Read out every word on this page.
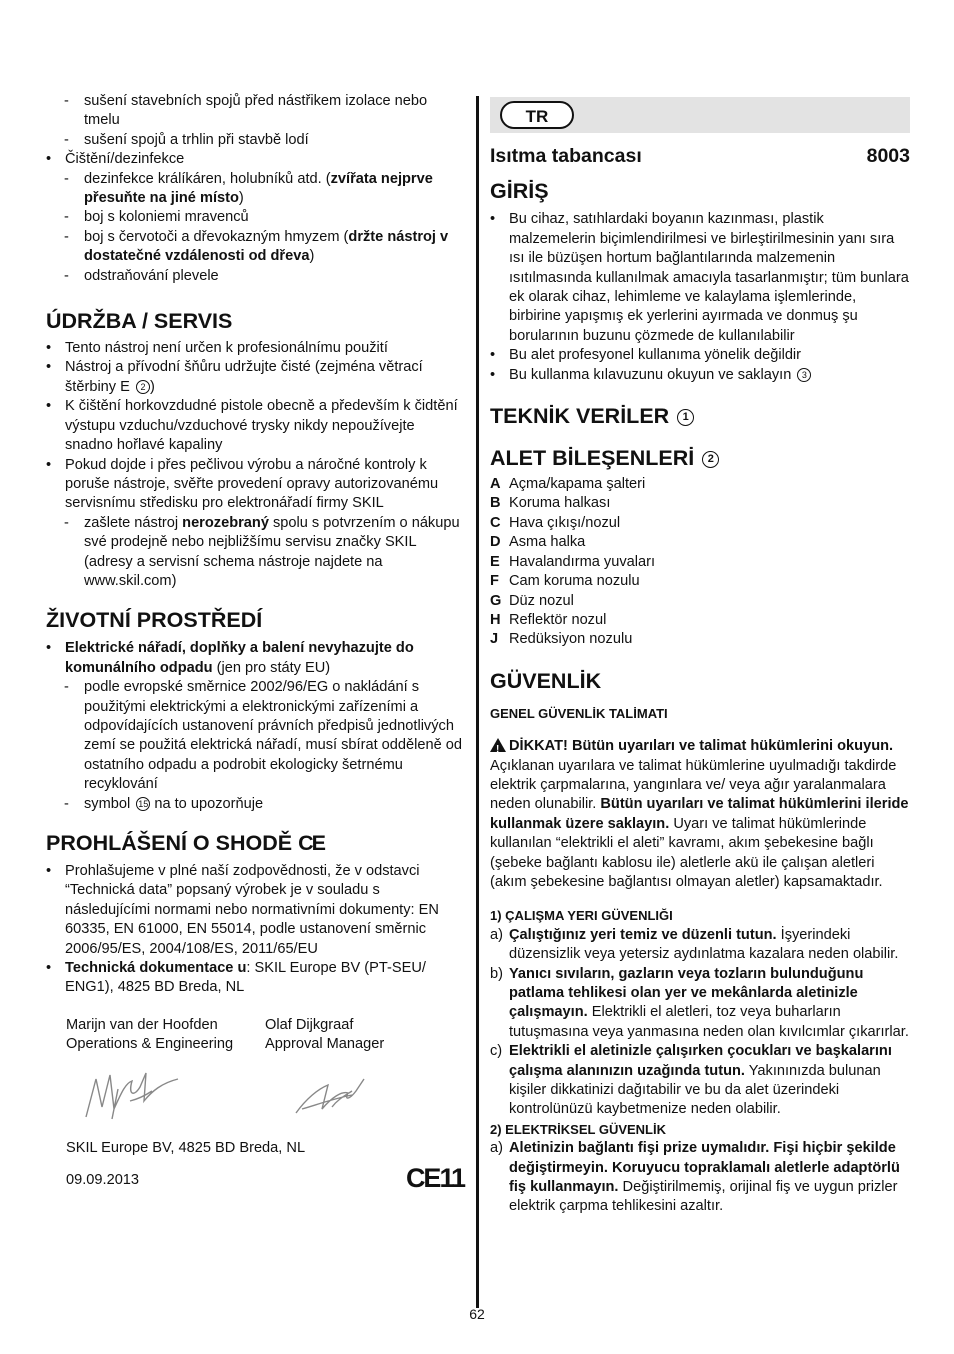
- sušení stavebních spojů před nástřikem izolace nebo tmelu

- sušení spojů a trhlin při stavbě lodí

• Čištění/dezinfekce

- dezinfekce králíkáren, holubníků atd. (zvířata nejprve přesuňte na jiné místo)

- boj s koloniemi mravenců

- boj s červotoči a dřevokazným hmyzem (držte nástroj v dostatečné vzdálenosti od dřeva)

- odstraňování plevele

ÚDRŽBA / SERVIS

• Tento nástroj není určen k profesionálnímu použití

• Nástroj a přívodní šňůru udržujte čisté (zejména větrací štěrbiny E 2 )

• K čištění horkovzdudné pistole obecně a především k čidtění výstupu vzduchu/vzduchové trysky nikdy nepoužívejte snadno hořlavé kapaliny

• Pokud dojde i přes pečlivou výrobu a náročné kontroly k poruše nástroje, svěřte provedení opravy autorizovanému servisnímu středisku pro elektronářadí firmy SKIL

- zašlete nástroj nerozebraný spolu s potvrzením o nákupu své prodejně nebo nejbližšímu servisu značky SKIL (adresy a servisní schema nástroje najdete na www.skil.com)

ŽIVOTNÍ PROSTŘEDÍ

• Elektrické nářadí, doplňky a balení nevyhazujte do komunálního odpadu (jen pro státy EU)

- podle evropské směrnice 2002/96/EG o nakládání s použitými elektrickými a elektronickými zařízeními a odpovídajících ustanovení právních předpisů jednotlivých zemí se použitá elektrická nářadí, musí sbírat odděleně od ostatního odpadu a podrobit ekologicky šetrnému recyklování

- symbol 15 na to upozorňuje

PROHLÁŠENÍ O SHODĚ CE

• Prohlašujeme v plné naší zodpovědnosti, že v odstavci “Technická data” popsaný výrobek je v souladu s následujícími normami nebo normativními dokumenty: EN 60335, EN 61000, EN 55014, podle ustanovení směrnic 2006/95/ES, 2004/108/ES, 2011/65/EU

• Technická dokumentace u: SKIL Europe BV (PT-SEU/ ENG1), 4825 BD Breda, NL

Marijn van der Hoofden

Operations & Engineering

Olaf Dijkgraaf

Approval Manager

SKIL Europe BV, 4825 BD Breda, NL

09.09.2013	CE11
TR
Isıtma tabancası	8003
GİRİŞ

• Bu cihaz, satıhlardaki boyanın kazınması, plastik malzemelerin biçimlendirilmesi ve birleştirilmesinin yanı sıra ısı ile büzüşen hortum bağlantılarında malzemenin ısıtılmasında kullanılmak amacıyla tasarlanmıştır; tüm bunlara ek olarak cihaz, lehimleme ve kalaylama işlemlerinde, birbirine yapışmış ek yerlerini ayırmada ve donmuş şu borularının buzunu çözmede de kullanılabilir

• Bu alet profesyonel kullanıma yönelik değildir

• Bu kullanma kılavuzunu okuyun ve saklayın 3

TEKNİK VERİLER 1
ALET BİLEŞENLERİ 2
A Açma/kapama şalteri
B Koruma halkası
C Hava çıkışı/nozul
D Asma halka
E Havalandırma yuvaları
F Cam koruma nozulu
G Düz nozul
H Reflektör nozul
J Redüksiyon nozulu
GÜVENLİK

GENEL GÜVENLİK TALİMATI

!DİKKAT! Bütün uyarıları ve talimat hükümlerini okuyun. Açıklanan uyarılara ve talimat hükümlerine uyulmadığı takdirde elektrik çarpmalarına, yangınlara ve/ veya ağır yaralanmalara neden olunabilir. Bütün uyarıları ve talimat hükümlerini ileride kullanmak üzere saklayın. Uyarı ve talimat hükümlerinde kullanılan “elektrikli el aleti” kavramı, akım şebekesine bağlı (şebeke bağlantı kablosu ile) aletlerle akü ile çalışan aletleri (akım şebekesine bağlantısı olmayan aletler) kapsamaktadır.

1) ÇALIŞMA YERI GÜVENLIĞI

a) Çalıştığınız yeri temiz ve düzenli tutun. İşyerindeki düzensizlik veya yetersiz aydınlatma kazalara neden olabilir.
b) Yanıcı sıvıların, gazların veya tozların bulunduğunu patlama tehlikesi olan yer ve mekânlarda aletinizle çalışmayın. Elektrikli el aletleri, toz veya buharların tutuşmasına veya yanmasına neden olan kıvılcımlar çıkarırlar.
c) Elektrikli el aletinizle çalışırken çocukları ve başkalarını çalışma alanınızın uzağında tutun. Yakınınızda bulunan kişiler dikkatinizi dağıtabilir ve bu da alet üzerindeki kontrolünüzü kaybetmenize neden olabilir.

2) ELEKTRİKSEL GÜVENLİK

a) Aletinizin bağlantı fişi prize uymalıdır. Fişi hiçbir şekilde değiştirmeyin. Koruyucu topraklamalı aletlerle adaptörlü fiş kullanmayın. Değiştirilmemiş, orijinal fiş ve uygun prizler elektrik çarpma tehlikesini azaltır.
62
